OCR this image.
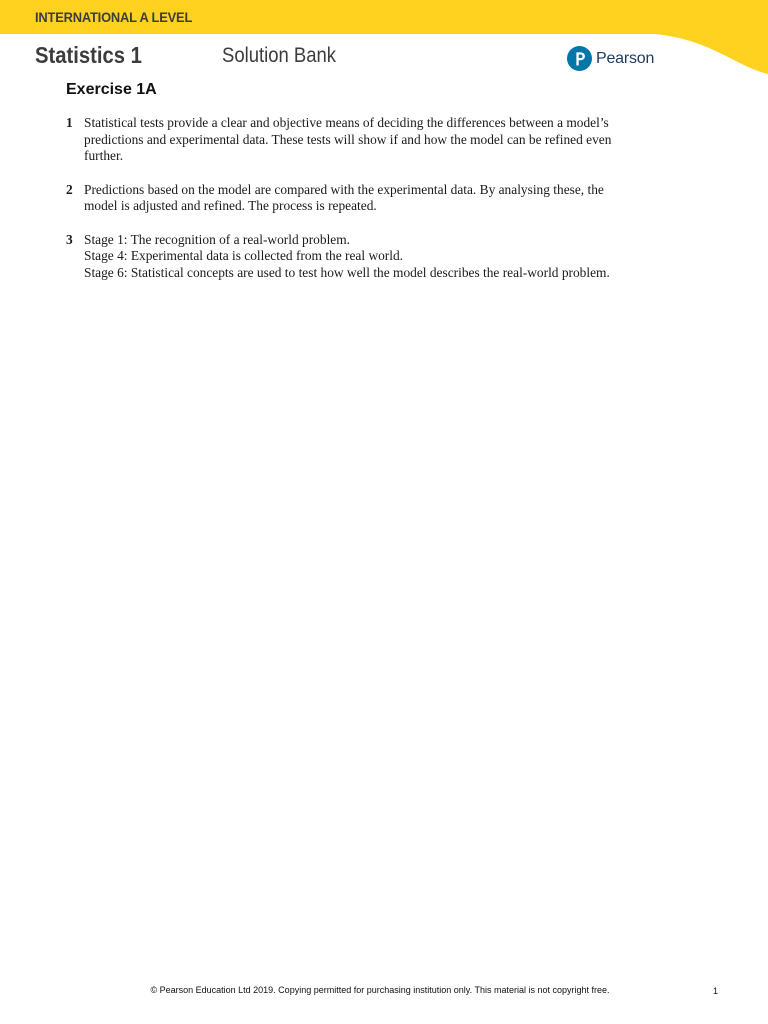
INTERNATIONAL A LEVEL
Statistics 1	Solution Bank	Pearson
Exercise 1A
1 Statistical tests provide a clear and objective means of deciding the differences between a model’s
predictions and experimental data. These tests will show if and how the model can be refined even
further.
2 Predictions based on the model are compared with the experimental data. By analysing these, the
model is adjusted and refined. The process is repeated.
3 Stage 1: The recognition of a real-world problem.
Stage 4: Experimental data is collected from the real world.
Stage 6: Statistical concepts are used to test how well the model describes the real-world problem.
© Pearson Education Ltd 2019. Copying permitted for purchasing institution only. This material is not copyright free.	1
